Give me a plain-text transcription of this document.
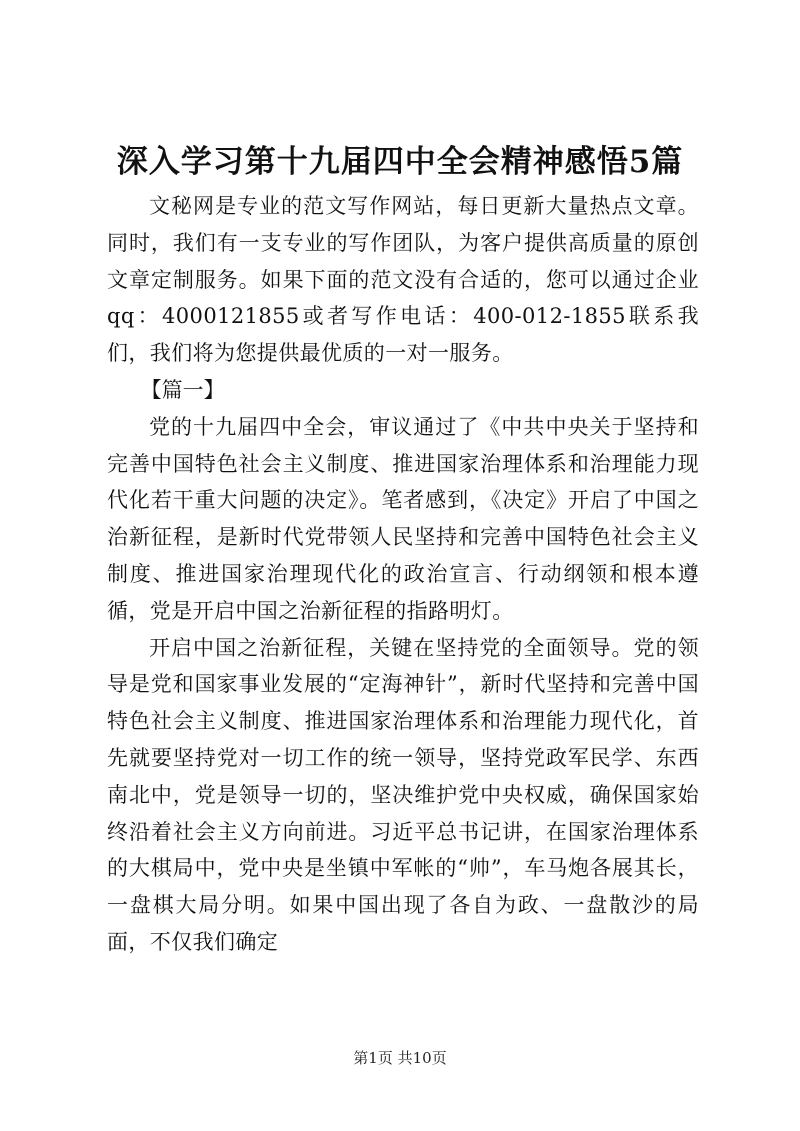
深入学习第十九届四中全会精神感悟5篇

文秘网是专业的范文写作网站，每日更新大量热点文章。同时，我们有一支专业的写作团队，为客户提供高质量的原创文章定制服务。如果下面的范文没有合适的，您可以通过企业qq：4000121855或者写作电话：400-012-1855联系我们，我们将为您提供最优质的一对一服务。

【篇一】

党的十九届四中全会，审议通过了《中共中央关于坚持和完善中国特色社会主义制度、推进国家治理体系和治理能力现代化若干重大问题的决定》。笔者感到，《决定》开启了中国之治新征程，是新时代党带领人民坚持和完善中国特色社会主义制度、推进国家治理现代化的政治宣言、行动纲领和根本遵循，党是开启中国之治新征程的指路明灯。

开启中国之治新征程，关键在坚持党的全面领导。党的领导是党和国家事业发展的“定海神针”，新时代坚持和完善中国特色社会主义制度、推进国家治理体系和治理能力现代化，首先就要坚持党对一切工作的统一领导，坚持党政军民学、东西南北中，党是领导一切的，坚决维护党中央权威，确保国家始终沿着社会主义方向前进。习近平总书记讲，在国家治理体系的大棋局中，党中央是坐镇中军帐的“帅”，车马炮各展其长，一盘棋大局分明。如果中国出现了各自为政、一盘散沙的局面，不仅我们确定

第1页 共10页
